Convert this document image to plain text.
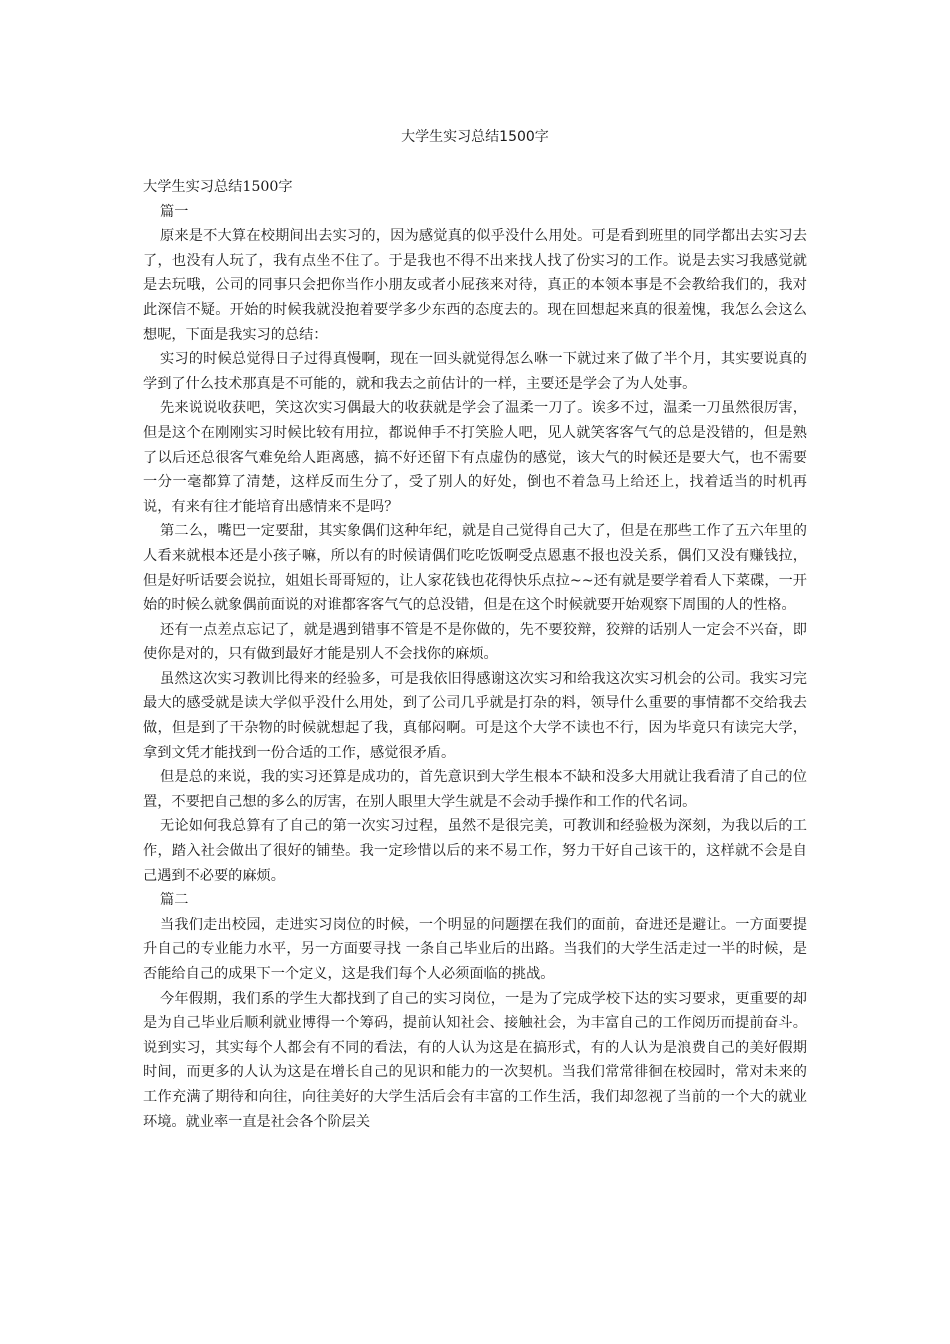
大学生实习总结1500字

大学生实习总结1500字

篇一

原来是不大算在校期间出去实习的，因为感觉真的似乎没什么用处。可是看到班里的同学都出去实习去了，也没有人玩了，我有点坐不住了。于是我也不得不出来找人找了份实习的工作。说是去实习我感觉就是去玩哦，公司的同事只会把你当作小朋友或者小屁孩来对待，真正的本领本事是不会教给我们的，我对此深信不疑。开始的时候我就没抱着要学多少东西的态度去的。现在回想起来真的很羞愧，我怎么会这么想呢，下面是我实习的总结：

实习的时候总觉得日子过得真慢啊，现在一回头就觉得怎么咻一下就过来了做了半个月，其实要说真的学到了什么技术那真是不可能的，就和我去之前估计的一样，主要还是学会了为人处事。

先来说说收获吧，笑这次实习偶最大的收获就是学会了温柔一刀了。诶多不过，温柔一刀虽然很厉害，但是这个在刚刚实习时候比较有用拉，都说伸手不打笑脸人吧，见人就笑客客气气的总是没错的，但是熟了以后还总很客气难免给人距离感，搞不好还留下有点虚伪的感觉，该大气的时候还是要大气，也不需要一分一毫都算了清楚，这样反而生分了，受了别人的好处，倒也不着急马上给还上，找着适当的时机再说，有来有往才能培育出感情来不是吗？

第二么，嘴巴一定要甜，其实象偶们这种年纪，就是自己觉得自己大了，但是在那些工作了五六年里的人看来就根本还是小孩子嘛，所以有的时候请偶们吃吃饭啊受点恩惠不报也没关系，偶们又没有赚钱拉，但是好听话要会说拉，姐姐长哥哥短的，让人家花钱也花得快乐点拉~~还有就是要学着看人下菜碟，一开始的时候么就象偶前面说的对谁都客客气气的总没错，但是在这个时候就要开始观察下周围的人的性格。

还有一点差点忘记了，就是遇到错事不管是不是你做的，先不要狡辩，狡辩的话别人一定会不兴奋，即使你是对的，只有做到最好才能是别人不会找你的麻烦。

虽然这次实习教训比得来的经验多，可是我依旧得感谢这次实习和给我这次实习机会的公司。我实习完最大的感受就是读大学似乎没什么用处，到了公司几乎就是打杂的料，领导什么重要的事情都不交给我去做，但是到了干杂物的时候就想起了我，真郁闷啊。可是这个大学不读也不行，因为毕竟只有读完大学，拿到文凭才能找到一份合适的工作，感觉很矛盾。

但是总的来说，我的实习还算是成功的，首先意识到大学生根本不缺和没多大用就让我看清了自己的位置，不要把自己想的多么的厉害，在别人眼里大学生就是不会动手操作和工作的代名词。

无论如何我总算有了自己的第一次实习过程，虽然不是很完美，可教训和经验极为深刻，为我以后的工作，踏入社会做出了很好的铺垫。我一定珍惜以后的来不易工作，努力干好自己该干的，这样就不会是自己遇到不必要的麻烦。

篇二

当我们走出校园，走进实习岗位的时候，一个明显的问题摆在我们的面前，奋进还是避让。一方面要提升自己的专业能力水平，另一方面要寻找 一条自己毕业后的出路。当我们的大学生活走过一半的时候，是否能给自己的成果下一个定义，这是我们每个人必须面临的挑战。

今年假期，我们系的学生大都找到了自己的实习岗位，一是为了完成学校下达的实习要求，更重要的却是为自己毕业后顺利就业博得一个筹码，提前认知社会、接触社会，为丰富自己的工作阅历而提前奋斗。说到实习，其实每个人都会有不同的看法，有的人认为这是在搞形式，有的人认为是浪费自己的美好假期时间，而更多的人认为这是在增长自己的见识和能力的一次契机。当我们常常徘徊在校园时，常对未来的工作充满了期待和向往，向往美好的大学生活后会有丰富的工作生活，我们却忽视了当前的一个大的就业环境。就业率一直是社会各个阶层关
